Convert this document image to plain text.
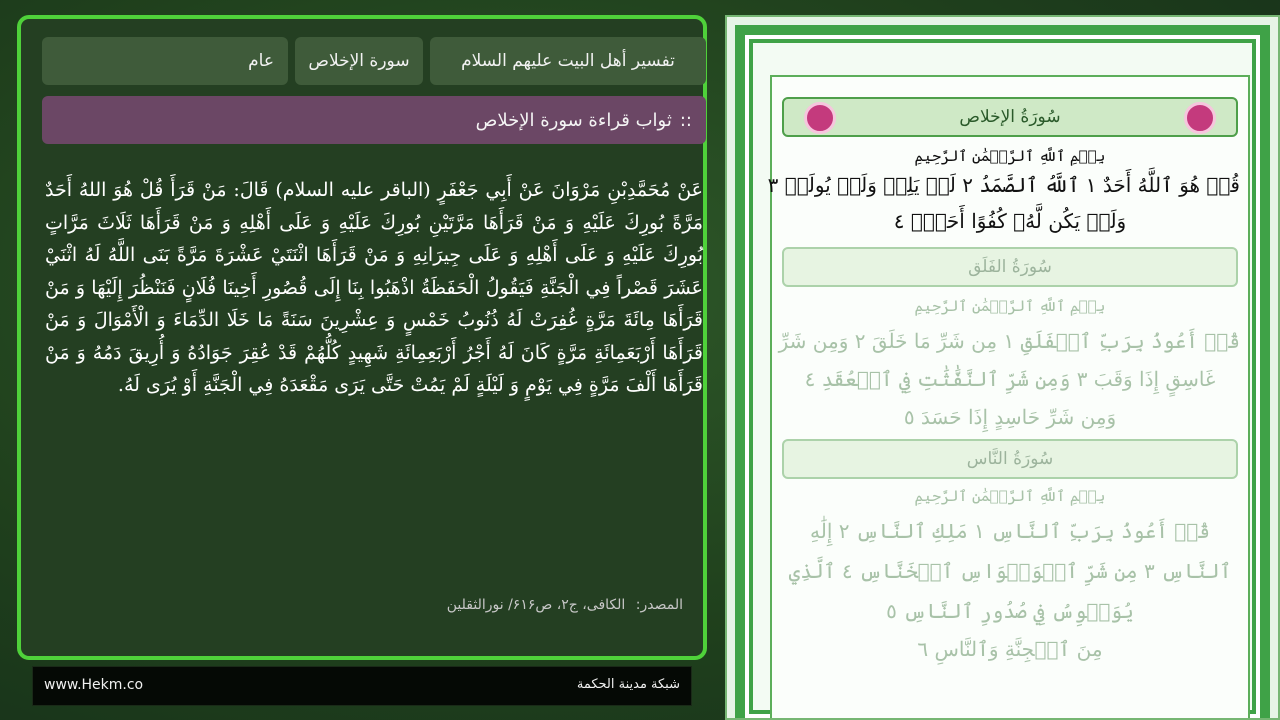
تفسير أهل البيت عليهم السلام
سورة الإخلاص
عام
ثواب قراءة سورة الإخلاص ::
عَنْ مُحَمَّدِبْنِ مَرْوَانَ عَنْ أَبِي جَعْفَرٍ (الباقر عليه السلام) قَالَ: مَنْ قَرَأَ قُلْ هُوَ اللهُ أَحَدٌ مَرَّةً بُورِكَ عَلَيْهِ وَ مَنْ قَرَأَهَا مَرَّتَيْنِ بُورِكَ عَلَيْهِ وَ عَلَى أَهْلِهِ وَ مَنْ قَرَأَهَا ثَلَاثَ مَرَّاتٍ بُورِكَ عَلَيْهِ وَ عَلَى أَهْلِهِ وَ عَلَى جِيرَانِهِ وَ مَنْ قَرَأَهَا اثْنَتَيْ عَشْرَةَ مَرَّةً بَنَى اللَّهُ لَهُ اثْنَيْ عَشَرَ قَصْراً فِي الْجَنَّةِ فَيَقُولُ الْحَفَظَةُ اذْهَبُوا بِنَا إِلَى قُصُورِ أَخِينَا فُلَانٍ فَنَنْظُرَ إِلَيْهَا وَ مَنْ قَرَأَهَا مِائَةَ مَرَّةٍ غُفِرَتْ لَهُ ذُنُوبُ خَمْسٍ وَ عِشْرِينَ سَنَةً مَا خَلَا الدِّمَاءَ وَ الْأَمْوَالَ وَ مَنْ قَرَأَهَا أَرْبَعَمِائَةِ مَرَّةٍ كَانَ لَهُ أَجْرُ أَرْبَعِمِائَةِ شَهِيدٍ كُلُّهُمْ قَدْ عُقِرَ جَوَادُهُ وَ أُرِيقَ دَمُهُ وَ مَنْ قَرَأَهَا أَلْفَ مَرَّةٍ فِي يَوْمٍ وَ لَيْلَةٍ لَمْ يَمُتْ حَتَّى يَرَى مَقْعَدَهُ فِي الْجَنَّةِ أَوْ يُرَى لَهُ.
المصدر: الكافی، ج۲، ص۶۱۶/ نورالثقلين
www.Hekm.co	شبكة مدينة الحكمة
سُورَةُ الإخلاص
بِسۡمِ ٱللَّهِ ٱلرَّحۡمَٰنِ ٱلرَّحِيمِ
قُلۡ هُوَ ٱللَّهُ أَحَدٌ ١ ٱللَّهُ ٱلصَّمَدُ ٢ لَمۡ يَلِدۡ وَلَمۡ يُولَدۡ ٣
وَلَمۡ يَكُن لَّهُۥ كُفُوًا أَحَدُۢ ٤
سُورَةُ الفَلَق
بِسۡمِ ٱللَّهِ ٱلرَّحۡمَٰنِ ٱلرَّحِيمِ
قُلۡ أَعُوذُ بِرَبِّ ٱلۡفَلَقِ ١ مِن شَرِّ مَا خَلَقَ ٢ وَمِن شَرِّ
غَاسِقٍ إِذَا وَقَبَ ٣ وَمِن شَرِّ ٱلنَّفَّٰثَٰتِ فِي ٱلۡعُقَدِ ٤
وَمِن شَرِّ حَاسِدٍ إِذَا حَسَدَ ٥
سُورَةُ النَّاس
بِسۡمِ ٱللَّهِ ٱلرَّحۡمَٰنِ ٱلرَّحِيمِ
قُلۡ أَعُوذُ بِرَبِّ ٱلنَّاسِ ١ مَلِكِ ٱلنَّاسِ ٢ إِلَٰهِ
ٱلنَّاسِ ٣ مِن شَرِّ ٱلۡوَسۡوَاسِ ٱلۡخَنَّاسِ ٤ ٱلَّذِي
يُوَسۡوِسُ فِي صُدُورِ ٱلنَّاسِ ٥
مِنَ ٱلۡجِنَّةِ وَٱلنَّاسِ ٦
